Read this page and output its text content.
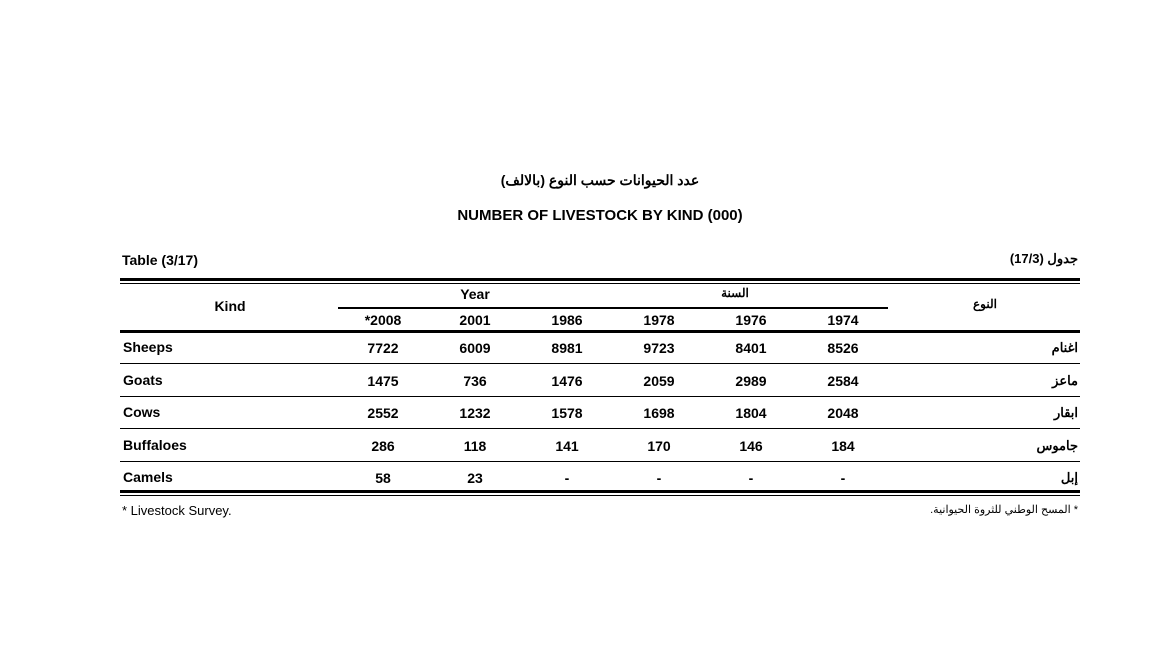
عدد الحيوانات حسب النوع (بالالف)
NUMBER OF LIVESTOCK BY KIND (000)
Table (3/17)	جدول (17/3)
Kind
Year	السنة
النوع
*2008	2001	1986	1978	1976	1974
Sheeps	7722	6009	8981	9723	8401	8526	اغنام
Goats	1475	736	1476	2059	2989	2584	ماعز
Cows	2552	1232	1578	1698	1804	2048	ابقار
Buffaloes	286	118	141	170	146	184	جاموس
Camels	58	23	-	-	-	-	إبل
* Livestock Survey.	* المسح الوطني للثروة الحيوانية.
